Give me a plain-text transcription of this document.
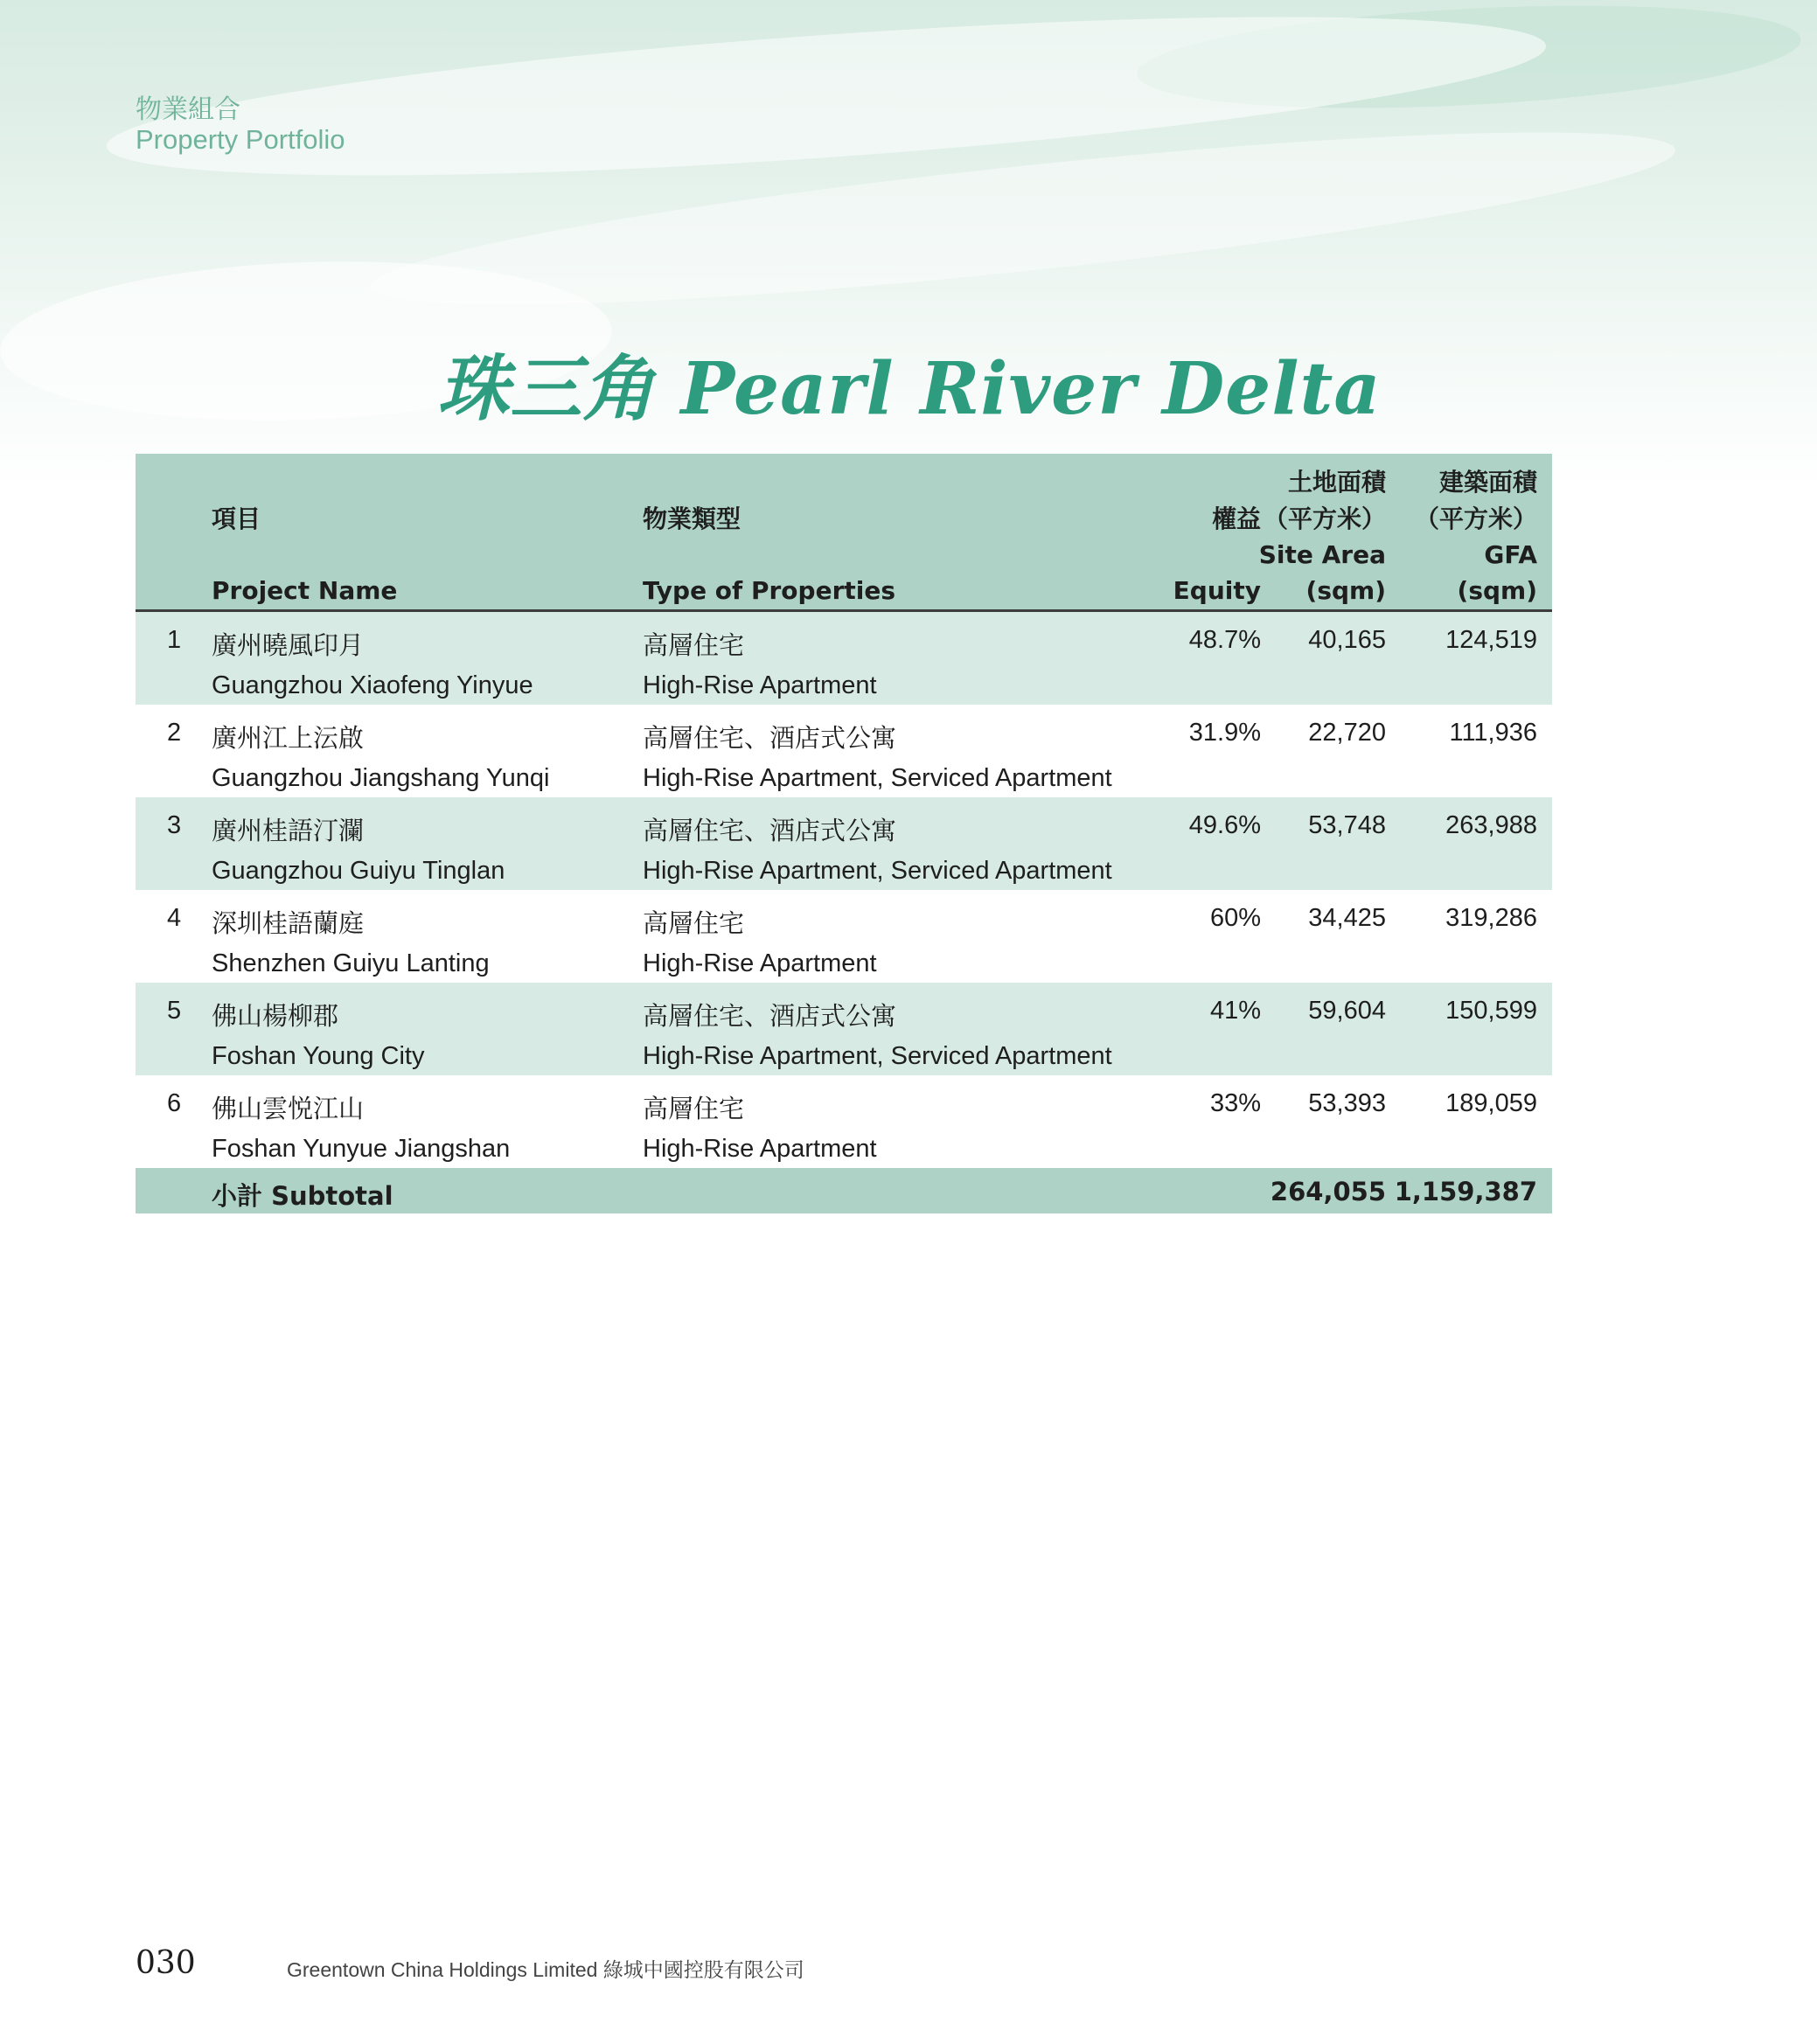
物業組合
Property Portfolio
珠三角 Pearl River Delta
項目
Project Name
物業類型
Type of Properties
權益
Equity
土地面積
（平方米）
Site Area
(sqm)
建築面積
（平方米）
GFA
(sqm)
1 廣州曉風印月
Guangzhou Xiaofeng Yinyue
高層住宅
High-Rise Apartment
48.7% 40,165 124,519
2 廣州江上沄啟
Guangzhou Jiangshang Yunqi
高層住宅、酒店式公寓
High-Rise Apartment, Serviced Apartment
31.9% 22,720 111,936
3 廣州桂語汀瀾
Guangzhou Guiyu Tinglan
高層住宅、酒店式公寓
High-Rise Apartment, Serviced Apartment
49.6% 53,748 263,988
4 深圳桂語蘭庭
Shenzhen Guiyu Lanting
高層住宅
High-Rise Apartment
60% 34,425 319,286
5 佛山楊柳郡
Foshan Young City
高層住宅、酒店式公寓
High-Rise Apartment, Serviced Apartment
41% 59,604 150,599
6 佛山雲悦江山
Foshan Yunyue Jiangshan
高層住宅
High-Rise Apartment
33% 53,393 189,059
小計 Subtotal	264,055 1,159,387
030	Greentown China Holdings Limited 綠城中國控股有限公司
